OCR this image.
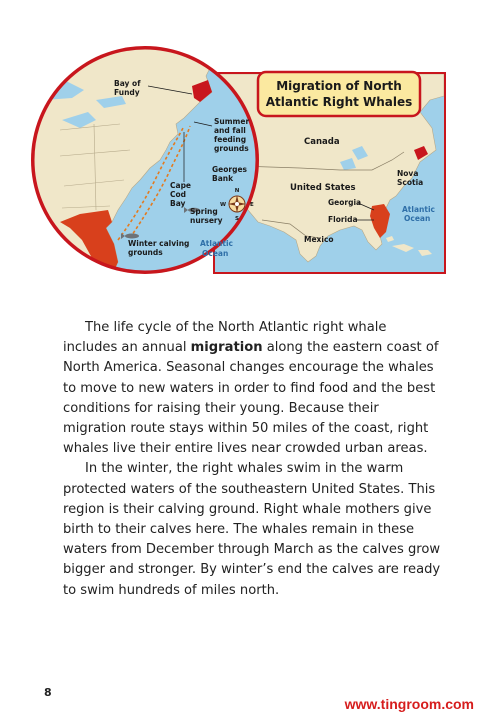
Canada
United States
Nova
Scotia
Georgia
Florida
Mexico
Atlantic
Ocean
Migration of North
Atlantic Right Whales
N
E
S
W
Bay of
Fundy
Summer
and fall
feeding
grounds
Georges
Bank
Cape
Cod
Bay
Spring
nursery
Winter calving
grounds
Atlantic
Ocean

The life cycle of the North Atlantic right whale includes an annual migration along the eastern coast of North America. Seasonal changes encourage the whales to move to new waters in order to find food and the best conditions for raising their young. Because their migration route stays within 50 miles of the coast, right whales live their entire lives near crowded urban areas.

In the winter, the right whales swim in the warm protected waters of the southeastern United States. This region is their calving ground. Right whale mothers give birth to their calves here. The whales remain in these waters from December through March as the calves grow bigger and stronger. By winter’s end the calves are ready to swim hundreds of miles north.

8
www.tingroom.com
